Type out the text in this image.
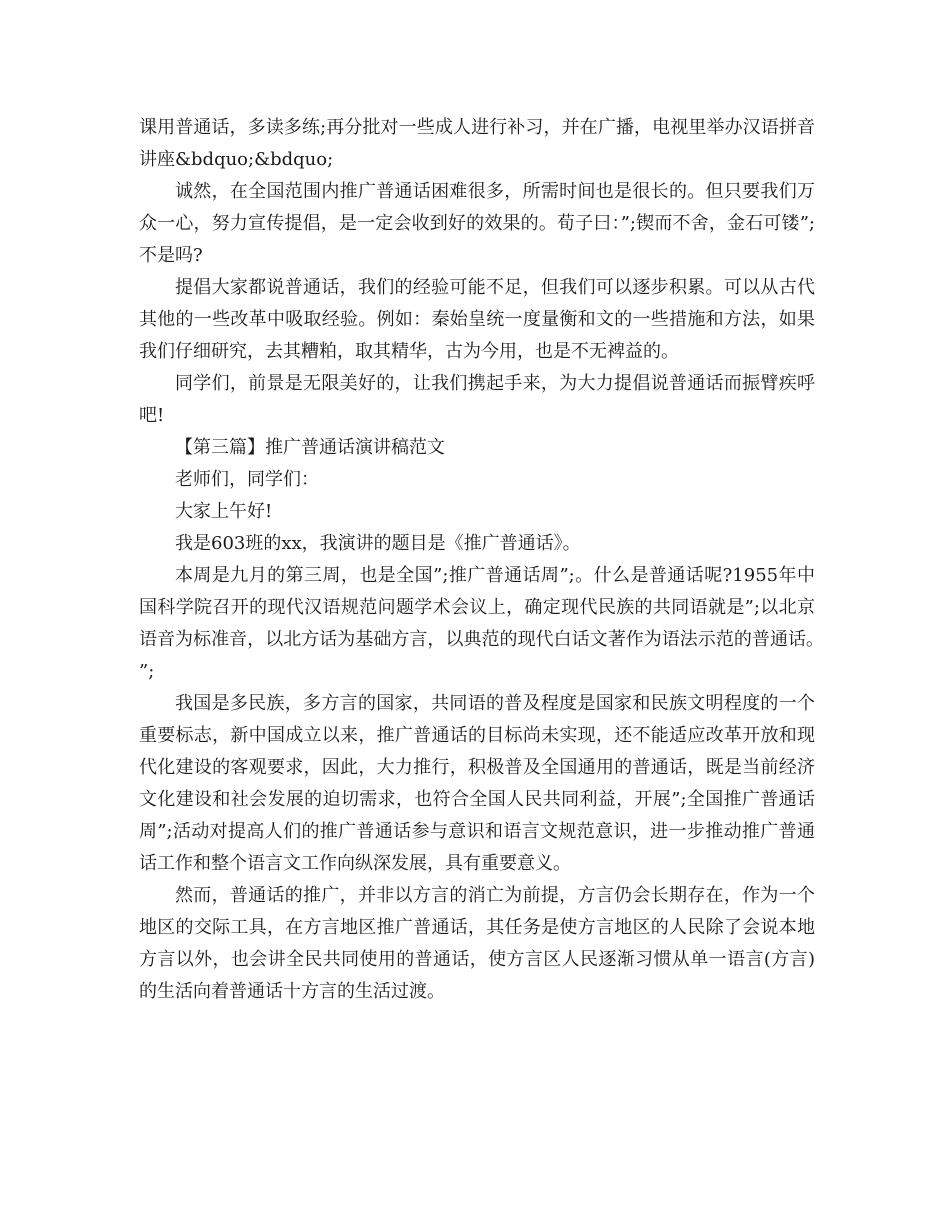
课用普通话，多读多练;再分批对一些成人进行补习，并在广播，电视里举办汉语拼音讲座&bdquo;&bdquo;

诚然，在全国范围内推广普通话困难很多，所需时间也是很长的。但只要我们万众一心，努力宣传提倡，是一定会收到好的效果的。荀子曰：”;锲而不舍，金石可镂”;不是吗?

提倡大家都说普通话，我们的经验可能不足，但我们可以逐步积累。可以从古代其他的一些改革中吸取经验。例如：秦始皇统一度量衡和文的一些措施和方法，如果我们仔细研究，去其糟粕，取其精华，古为今用，也是不无裨益的。

同学们，前景是无限美好的，让我们携起手来，为大力提倡说普通话而振臂疾呼吧!

【第三篇】推广普通话演讲稿范文

老师们，同学们：

大家上午好!

我是603班的xx，我演讲的题目是《推广普通话》。

本周是九月的第三周，也是全国”;推广普通话周”;。什么是普通话呢?1955年中国科学院召开的现代汉语规范问题学术会议上，确定现代民族的共同语就是”;以北京语音为标准音，以北方话为基础方言，以典范的现代白话文著作为语法示范的普通话。”;

我国是多民族，多方言的国家，共同语的普及程度是国家和民族文明程度的一个重要标志，新中国成立以来，推广普通话的目标尚未实现，还不能适应改革开放和现代化建设的客观要求，因此，大力推行，积极普及全国通用的普通话，既是当前经济文化建设和社会发展的迫切需求，也符合全国人民共同利益，开展”;全国推广普通话周”;活动对提高人们的推广普通话参与意识和语言文规范意识，进一步推动推广普通话工作和整个语言文工作向纵深发展，具有重要意义。

然而，普通话的推广，并非以方言的消亡为前提，方言仍会长期存在，作为一个地区的交际工具，在方言地区推广普通话，其任务是使方言地区的人民除了会说本地方言以外，也会讲全民共同使用的普通话，使方言区人民逐渐习惯从单一语言(方言)的生活向着普通话十方言的生活过渡。
